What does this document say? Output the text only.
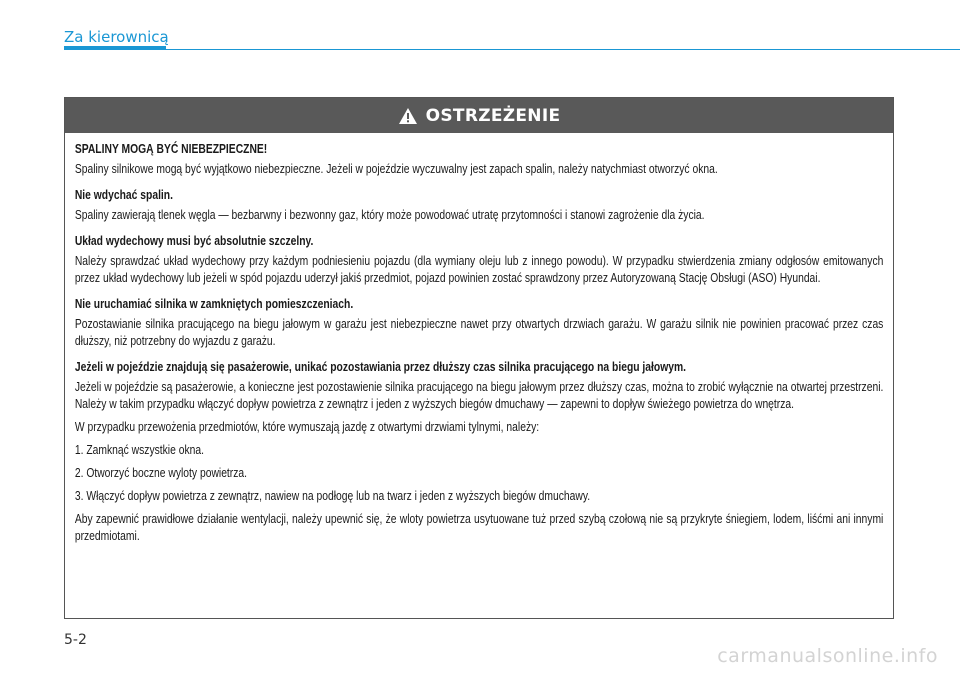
Za kierownicą
OSTRZEŻENIE

SPALINY MOGĄ BYĆ NIEBEZPIECZNE!

Spaliny silnikowe mogą być wyjątkowo niebezpieczne. Jeżeli w pojeździe wyczuwalny jest zapach spalin, należy natychmiast otworzyć okna.

Nie wdychać spalin.

Spaliny zawierają tlenek węgla — bezbarwny i bezwonny gaz, który może powodować utratę przytomności i stanowi zagrożenie dla życia.

Układ wydechowy musi być absolutnie szczelny.

Należy sprawdzać układ wydechowy przy każdym podniesieniu pojazdu (dla wymiany oleju lub z innego powodu). W przypadku stwierdzenia zmiany odgłosów emitowanych przez układ wydechowy lub jeżeli w spód pojazdu uderzył jakiś przedmiot, pojazd powinien zostać sprawdzony przez Autoryzowaną Stację Obsługi (ASO) Hyundai.

Nie uruchamiać silnika w zamkniętych pomieszczeniach.

Pozostawianie silnika pracującego na biegu jałowym w garażu jest niebezpieczne nawet przy otwartych drzwiach garażu. W garażu silnik nie powinien pracować przez czas dłuższy, niż potrzebny do wyjazdu z garażu.

Jeżeli w pojeździe znajdują się pasażerowie, unikać pozostawiania przez dłuższy czas silnika pracującego na biegu jałowym.

Jeżeli w pojeździe są pasażerowie, a konieczne jest pozostawienie silnika pracującego na biegu jałowym przez dłuższy czas, można to zrobić wyłącznie na otwartej przestrzeni. Należy w takim przypadku włączyć dopływ powietrza z zewnątrz i jeden z wyższych biegów dmuchawy — zapewni to dopływ świeżego powietrza do wnętrza.

W przypadku przewożenia przedmiotów, które wymuszają jazdę z otwartymi drzwiami tylnymi, należy:

1. Zamknąć wszystkie okna.

2. Otworzyć boczne wyloty powietrza.

3. Włączyć dopływ powietrza z zewnątrz, nawiew na podłogę lub na twarz i jeden z wyższych biegów dmuchawy.

Aby zapewnić prawidłowe działanie wentylacji, należy upewnić się, że wloty powietrza usytuowane tuż przed szybą czołową nie są przykryte śniegiem, lodem, liśćmi ani innymi przedmiotami.

5-2
carmanualsonline.info
